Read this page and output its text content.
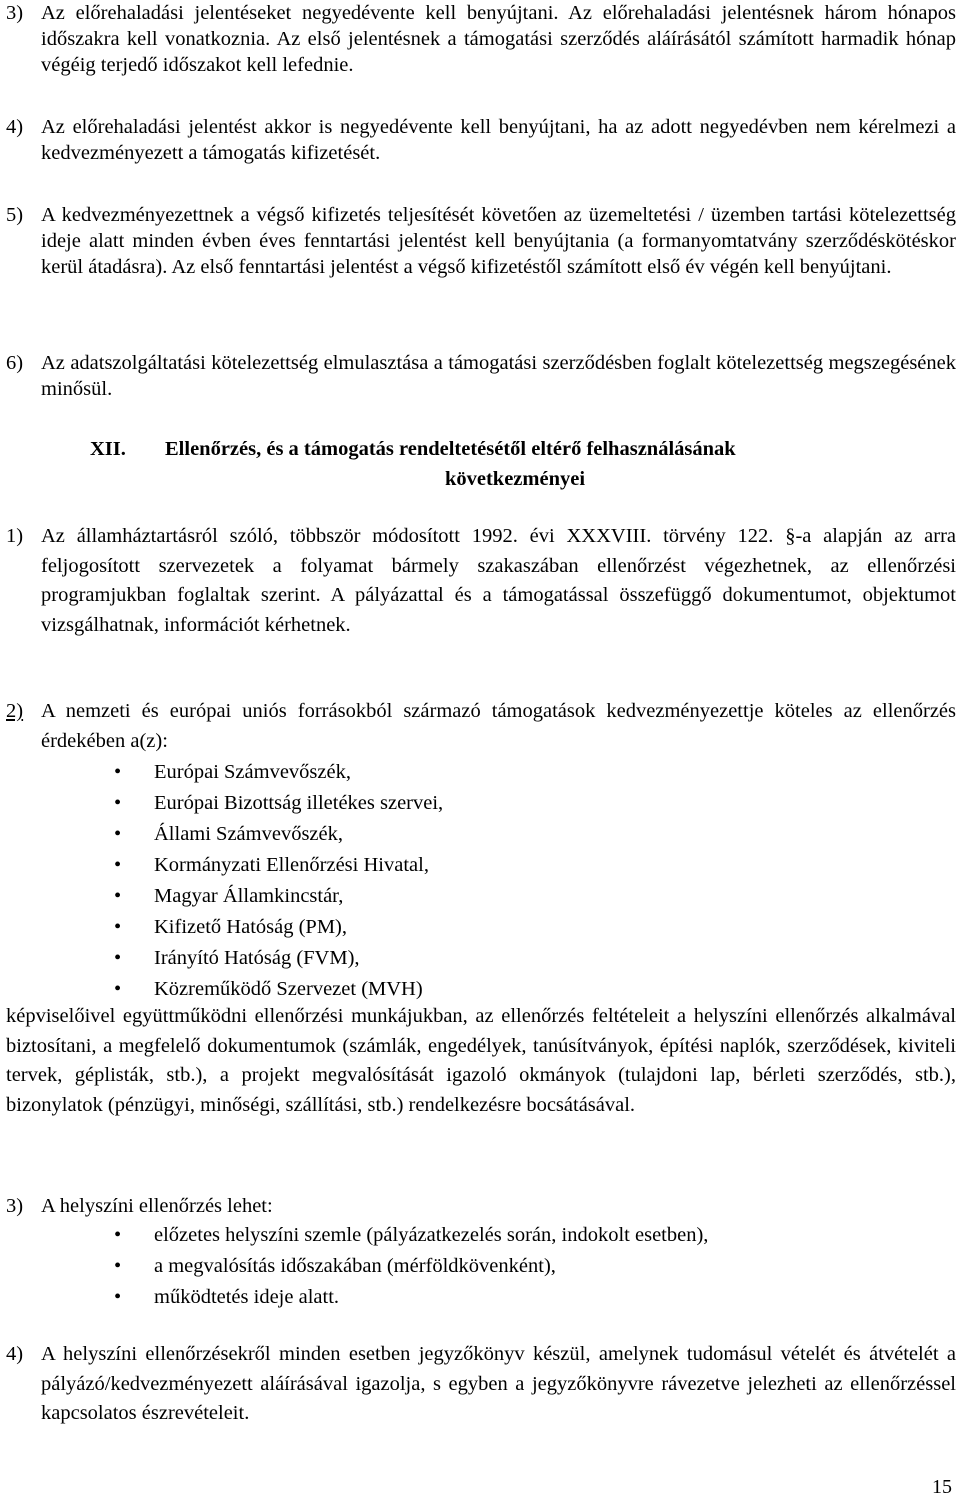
3) Az előrehaladási jelentéseket negyedévente kell benyújtani. Az előrehaladási jelentésnek három hónapos időszakra kell vonatkoznia. Az első jelentésnek a támogatási szerződés aláírásától számított harmadik hónap végéig terjedő időszakot kell lefednie.
4) Az előrehaladási jelentést akkor is negyedévente kell benyújtani, ha az adott negyedévben nem kérelmezi a kedvezményezett a támogatás kifizetését.
5) A kedvezményezettnek a végső kifizetés teljesítését követően az üzemeltetési / üzemben tartási kötelezettség ideje alatt minden évben éves fenntartási jelentést kell benyújtania (a formanyomtatvány szerződéskötéskor kerül átadásra). Az első fenntartási jelentést a végső kifizetéstől számított első év végén kell benyújtani.
6) Az adatszolgáltatási kötelezettség elmulasztása a támogatási szerződésben foglalt kötelezettség megszegésének minősül.
XII.	Ellenőrzés, és a támogatás rendeltetésétől eltérő felhasználásának
következményei
1) Az államháztartásról szóló, többször módosított 1992. évi XXXVIII. törvény 122. §-a alapján az arra feljogosított szervezetek a folyamat bármely szakaszában ellenőrzést végezhetnek, az ellenőrzési programjukban foglaltak szerint. A pályázattal és a támogatással összefüggő dokumentumot, objektumot vizsgálhatnak, információt kérhetnek.
2) A nemzeti és európai uniós forrásokból származó támogatások kedvezményezettje köteles az ellenőrzés érdekében a(z):
• Európai Számvevőszék,
• Európai Bizottság illetékes szervei,
• Állami Számvevőszék,
• Kormányzati Ellenőrzési Hivatal,
• Magyar Államkincstár,
• Kifizető Hatóság (PM),
• Irányító Hatóság (FVM),
• Közreműködő Szervezet (MVH)
képviselőivel együttműködni ellenőrzési munkájukban, az ellenőrzés feltételeit a helyszíni ellenőrzés alkalmával biztosítani, a megfelelő dokumentumok (számlák, engedélyek, tanúsítványok, építési naplók, szerződések, kiviteli tervek, géplisták, stb.), a projekt megvalósítását igazoló okmányok (tulajdoni lap, bérleti szerződés, stb.), bizonylatok (pénzügyi, minőségi, szállítási, stb.) rendelkezésre bocsátásával.
3) A helyszíni ellenőrzés lehet:
• előzetes helyszíni szemle (pályázatkezelés során, indokolt esetben),
• a megvalósítás időszakában (mérföldkövenként),
• működtetés ideje alatt.
4) A helyszíni ellenőrzésekről minden esetben jegyzőkönyv készül, amelynek tudomásul vételét és átvételét a pályázó/kedvezményezett aláírásával igazolja, s egyben a jegyzőkönyvre rávezetve jelezheti az ellenőrzéssel kapcsolatos észrevételeit.
15
